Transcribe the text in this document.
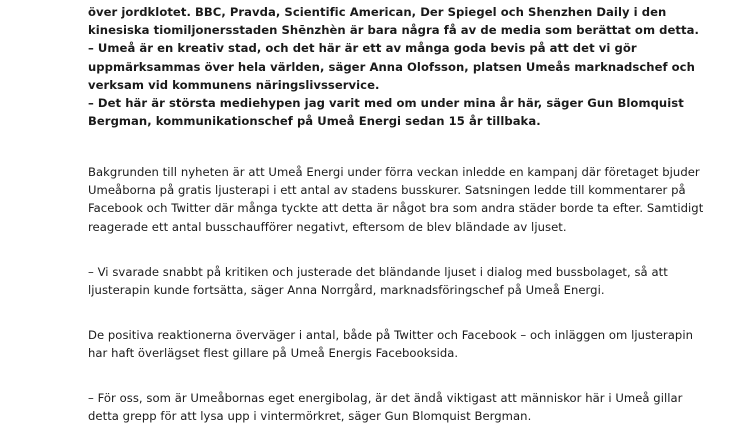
över jordklotet. BBC, Pravda, Scientific American, Der Spiegel och Shenzhen Daily i den
kinesiska tiomiljonersstaden Shēnzhèn är bara några få av de media som berättat om detta.
– Umeå är en kreativ stad, och det här är ett av många goda bevis på att det vi gör
uppmärksammas över hela världen, säger Anna Olofsson, platsen Umeås marknadschef och
verksam vid kommunens näringslivsservice.
– Det här är största mediehypen jag varit med om under mina år här, säger Gun Blomquist
Bergman, kommunikationschef på Umeå Energi sedan 15 år tillbaka.
Bakgrunden till nyheten är att Umeå Energi under förra veckan inledde en kampanj där företaget bjuder
Umeåborna på gratis ljusterapi i ett antal av stadens busskurer. Satsningen ledde till kommentarer på
Facebook och Twitter där många tyckte att detta är något bra som andra städer borde ta efter. Samtidigt
reagerade ett antal busschaufförer negativt, eftersom de blev bländade av ljuset.
– Vi svarade snabbt på kritiken och justerade det bländande ljuset i dialog med bussbolaget, så att
ljusterapin kunde fortsätta, säger Anna Norrgård, marknadsföringschef på Umeå Energi.
De positiva reaktionerna överväger i antal, både på Twitter och Facebook – och inläggen om ljusterapin
har haft överlägset flest gillare på Umeå Energis Facebooksida.
– För oss, som är Umeåbornas eget energibolag, är det ändå viktigast att människor här i Umeå gillar
detta grepp för att lysa upp i vintermörkret, säger Gun Blomquist Bergman.
